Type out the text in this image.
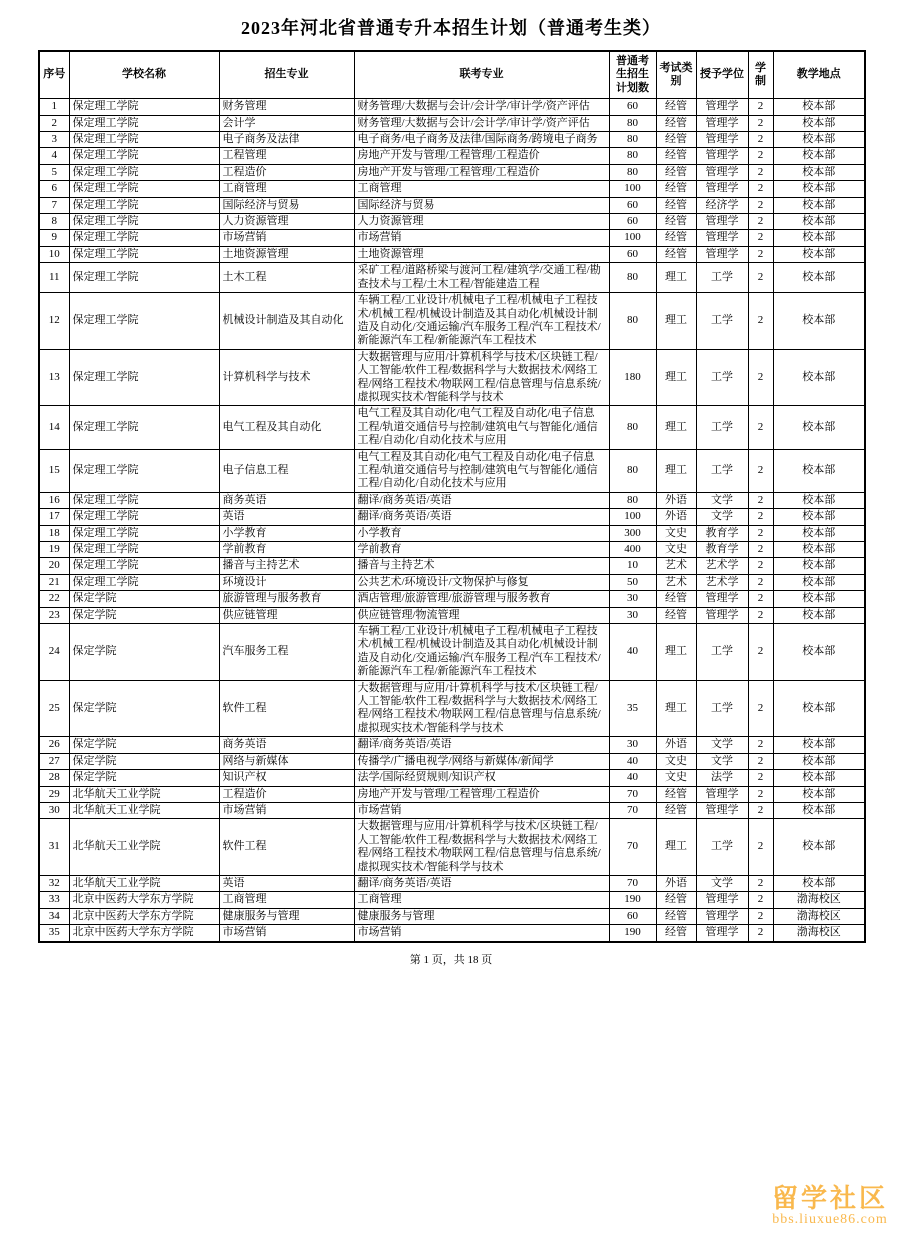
2023年河北省普通专升本招生计划（普通考生类）
序号	学校名称	招生专业	联考专业	普通考生招生计划数	考试类别	授予学位	学制	教学地点
1	保定理工学院	财务管理	财务管理/大数据与会计/会计学/审计学/资产评估	60	经管	管理学	2	校本部
2	保定理工学院	会计学	财务管理/大数据与会计/会计学/审计学/资产评估	80	经管	管理学	2	校本部
3	保定理工学院	电子商务及法律	电子商务/电子商务及法律/国际商务/跨境电子商务	80	经管	管理学	2	校本部
4	保定理工学院	工程管理	房地产开发与管理/工程管理/工程造价	80	经管	管理学	2	校本部
5	保定理工学院	工程造价	房地产开发与管理/工程管理/工程造价	80	经管	管理学	2	校本部
6	保定理工学院	工商管理	工商管理	100	经管	管理学	2	校本部
7	保定理工学院	国际经济与贸易	国际经济与贸易	60	经管	经济学	2	校本部
8	保定理工学院	人力资源管理	人力资源管理	60	经管	管理学	2	校本部
9	保定理工学院	市场营销	市场营销	100	经管	管理学	2	校本部
10	保定理工学院	土地资源管理	土地资源管理	60	经管	管理学	2	校本部
11	保定理工学院	土木工程	采矿工程/道路桥梁与渡河工程/建筑学/交通工程/勘查技术与工程/土木工程/智能建造工程	80	理工	工学	2	校本部
12	保定理工学院	机械设计制造及其自动化	车辆工程/工业设计/机械电子工程/机械电子工程技术/机械工程/机械设计制造及其自动化/机械设计制造及自动化/交通运输/汽车服务工程/汽车工程技术/新能源汽车工程/新能源汽车工程技术	80	理工	工学	2	校本部
13	保定理工学院	计算机科学与技术	大数据管理与应用/计算机科学与技术/区块链工程/人工智能/软件工程/数据科学与大数据技术/网络工程/网络工程技术/物联网工程/信息管理与信息系统/虚拟现实技术/智能科学与技术	180	理工	工学	2	校本部
14	保定理工学院	电气工程及其自动化	电气工程及其自动化/电气工程及自动化/电子信息工程/轨道交通信号与控制/建筑电气与智能化/通信工程/自动化/自动化技术与应用	80	理工	工学	2	校本部
15	保定理工学院	电子信息工程	电气工程及其自动化/电气工程及自动化/电子信息工程/轨道交通信号与控制/建筑电气与智能化/通信工程/自动化/自动化技术与应用	80	理工	工学	2	校本部
16	保定理工学院	商务英语	翻译/商务英语/英语	80	外语	文学	2	校本部
17	保定理工学院	英语	翻译/商务英语/英语	100	外语	文学	2	校本部
18	保定理工学院	小学教育	小学教育	300	文史	教育学	2	校本部
19	保定理工学院	学前教育	学前教育	400	文史	教育学	2	校本部
20	保定理工学院	播音与主持艺术	播音与主持艺术	10	艺术	艺术学	2	校本部
21	保定理工学院	环境设计	公共艺术/环境设计/文物保护与修复	50	艺术	艺术学	2	校本部
22	保定学院	旅游管理与服务教育	酒店管理/旅游管理/旅游管理与服务教育	30	经管	管理学	2	校本部
23	保定学院	供应链管理	供应链管理/物流管理	30	经管	管理学	2	校本部
24	保定学院	汽车服务工程	车辆工程/工业设计/机械电子工程/机械电子工程技术/机械工程/机械设计制造及其自动化/机械设计制造及自动化/交通运输/汽车服务工程/汽车工程技术/新能源汽车工程/新能源汽车工程技术	40	理工	工学	2	校本部
25	保定学院	软件工程	大数据管理与应用/计算机科学与技术/区块链工程/人工智能/软件工程/数据科学与大数据技术/网络工程/网络工程技术/物联网工程/信息管理与信息系统/虚拟现实技术/智能科学与技术	35	理工	工学	2	校本部
26	保定学院	商务英语	翻译/商务英语/英语	30	外语	文学	2	校本部
27	保定学院	网络与新媒体	传播学/广播电视学/网络与新媒体/新闻学	40	文史	文学	2	校本部
28	保定学院	知识产权	法学/国际经贸规则/知识产权	40	文史	法学	2	校本部
29	北华航天工业学院	工程造价	房地产开发与管理/工程管理/工程造价	70	经管	管理学	2	校本部
30	北华航天工业学院	市场营销	市场营销	70	经管	管理学	2	校本部
31	北华航天工业学院	软件工程	大数据管理与应用/计算机科学与技术/区块链工程/人工智能/软件工程/数据科学与大数据技术/网络工程/网络工程技术/物联网工程/信息管理与信息系统/虚拟现实技术/智能科学与技术	70	理工	工学	2	校本部
32	北华航天工业学院	英语	翻译/商务英语/英语	70	外语	文学	2	校本部
33	北京中医药大学东方学院	工商管理	工商管理	190	经管	管理学	2	渤海校区
34	北京中医药大学东方学院	健康服务与管理	健康服务与管理	60	经管	管理学	2	渤海校区
35	北京中医药大学东方学院	市场营销	市场营销	190	经管	管理学	2	渤海校区
第 1 页，共 18 页
留学社区
bbs.liuxue86.com
